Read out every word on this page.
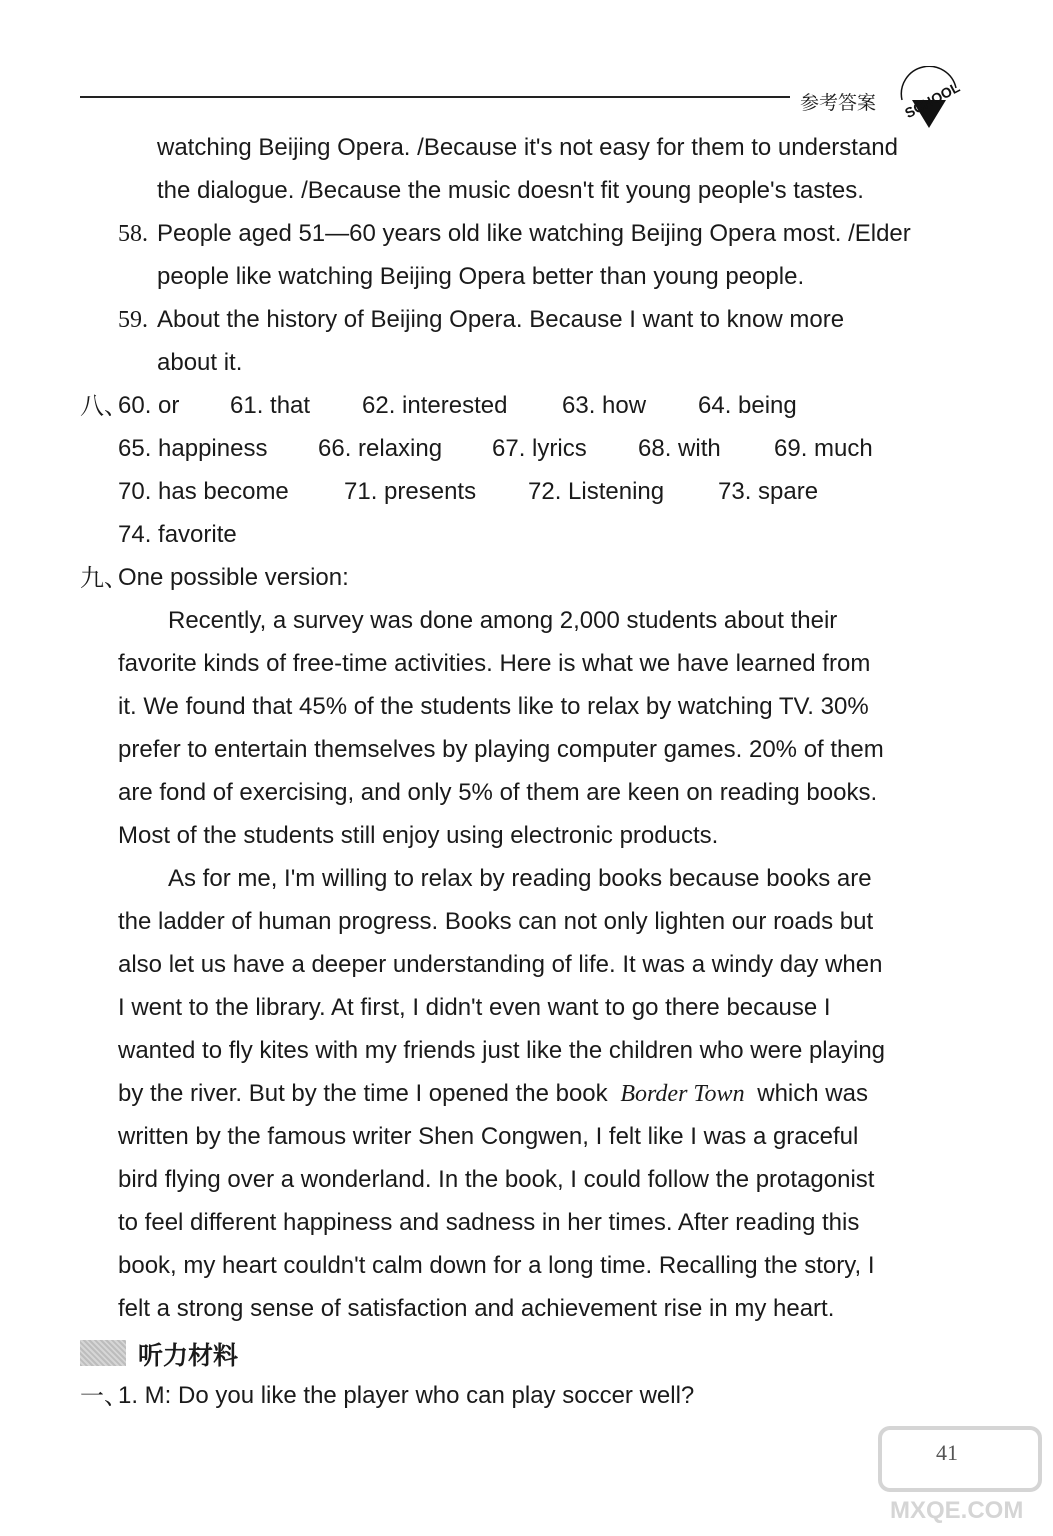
参考答案 SCHOOL
watching Beijing Opera. /Because it's not easy for them to understand
the dialogue. /Because the music doesn't fit young people's tastes.
58. People aged 51—60 years old like watching Beijing Opera most. /Elder
people like watching Beijing Opera better than young people.
59. About the history of Beijing Opera. Because I want to know more
about it.
八、
60. or 61. that 62. interested 63. how 64. being
65. happiness 66. relaxing 67. lyrics 68. with 69. much
70. has become 71. presents 72. Listening 73. spare
74. favorite
九、
One possible version:
Recently, a survey was done among 2,000 students about their
favorite kinds of free-time activities. Here is what we have learned from
it. We found that 45% of the students like to relax by watching TV. 30%
prefer to entertain themselves by playing computer games. 20% of them
are fond of exercising, and only 5% of them are keen on reading books.
Most of the students still enjoy using electronic products.
As for me, I'm willing to relax by reading books because books are
the ladder of human progress. Books can not only lighten our roads but
also let us have a deeper understanding of life. It was a windy day when
I went to the library. At first, I didn't even want to go there because I
wanted to fly kites with my friends just like the children who were playing
by the river. But by the time I opened the book Border Town which was
written by the famous writer Shen Congwen, I felt like I was a graceful
bird flying over a wonderland. In the book, I could follow the protagonist
to feel different happiness and sadness in her times. After reading this
book, my heart couldn't calm down for a long time. Recalling the story, I
felt a strong sense of satisfaction and achievement rise in my heart.
听力材料
一、
1. M: Do you like the player who can play soccer well?
41
MXQE.COM
